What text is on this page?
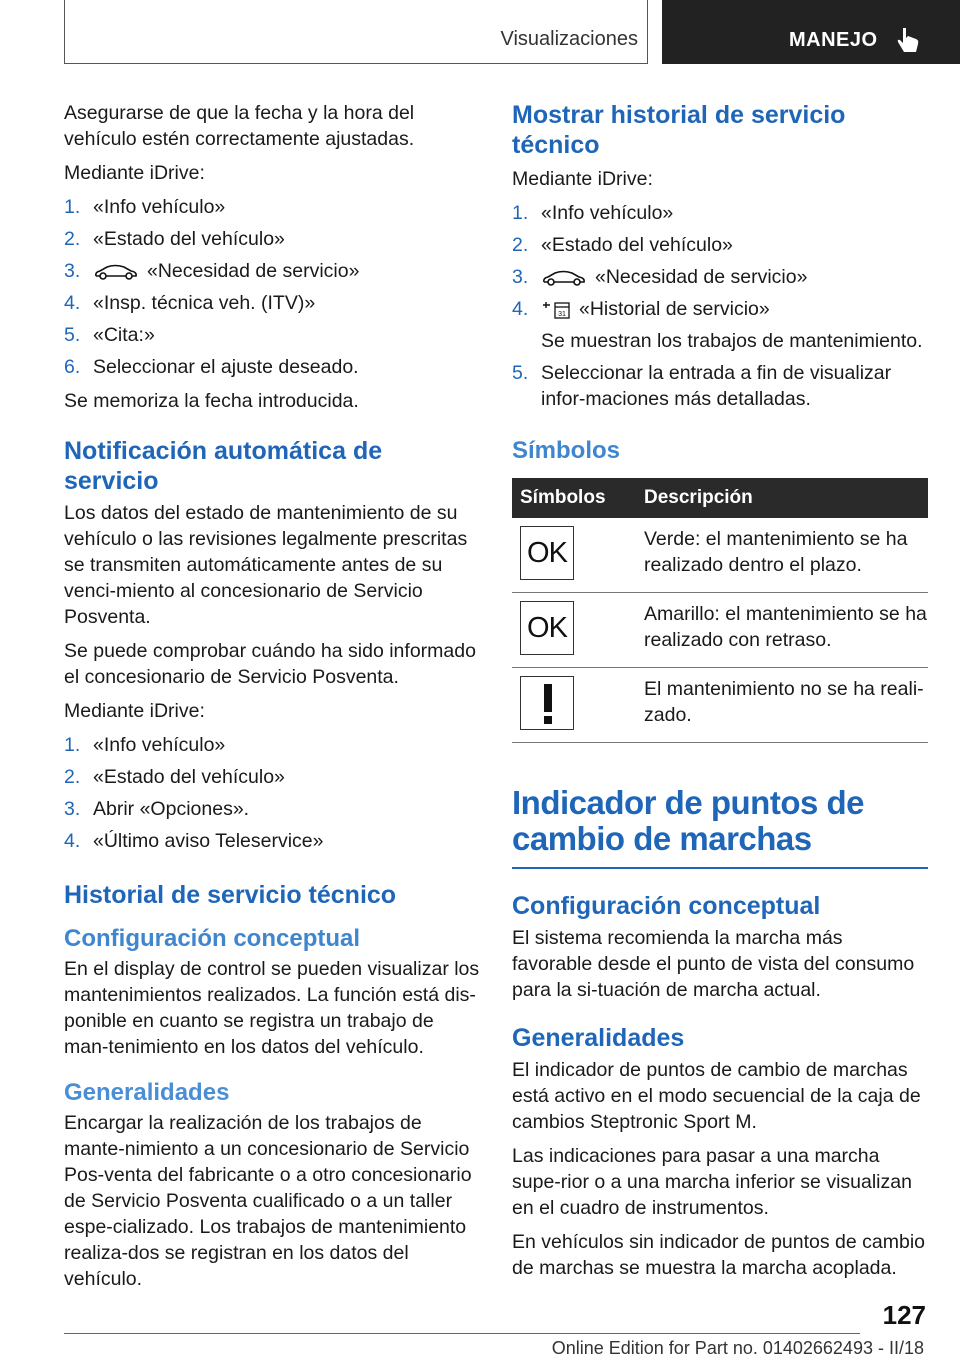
Visualizaciones	MANEJO

Asegurarse de que la fecha y la hora del vehículo estén correctamente ajustadas.

Mediante iDrive:

1. «Info vehículo»
2. «Estado del vehículo»
3.	«Necesidad de servicio»
4. «Insp. técnica veh. (ITV)»
5. «Cita:»
6. Seleccionar el ajuste deseado.

Se memoriza la fecha introducida.

Notificación automática de servicio

Los datos del estado de mantenimiento de su vehículo o las revisiones legalmente prescritas se transmiten automáticamente antes de su venci-miento al concesionario de Servicio Posventa.

Se puede comprobar cuándo ha sido informado el concesionario de Servicio Posventa.

Mediante iDrive:

1. «Info vehículo»
2. «Estado del vehículo»
3. Abrir «Opciones».
4. «Último aviso Teleservice»
Historial de servicio técnico
Configuración conceptual

En el display de control se pueden visualizar los mantenimientos realizados. La función está dis-ponible en cuanto se registra un trabajo de man-tenimiento en los datos del vehículo.

Generalidades

Encargar la realización de los trabajos de mante-nimiento a un concesionario de Servicio Pos-venta del fabricante o a otro concesionario de Servicio Posventa cualificado o a un taller espe-cializado. Los trabajos de mantenimiento realiza-dos se registran en los datos del vehículo.

Mostrar historial de servicio técnico

Mediante iDrive:

1. «Info vehículo»
2. «Estado del vehículo»
3.	«Necesidad de servicio»
4.	31 «Historial de servicio»
Se muestran los trabajos de mantenimiento.
5. Seleccionar la entrada a fin de visualizar infor-maciones más detalladas.
Símbolos
Símbolos	Descripción

OK	Verde: el mantenimiento se ha realizado dentro el plazo.

OK	Amarillo: el mantenimiento se ha realizado con retraso.

	El mantenimiento no se ha reali-zado.
Indicador de puntos de cambio de marchas
Configuración conceptual

El sistema recomienda la marcha más favorable desde el punto de vista del consumo para la si-tuación de marcha actual.

Generalidades

El indicador de puntos de cambio de marchas está activo en el modo secuencial de la caja de cambios Steptronic Sport M.

Las indicaciones para pasar a una marcha supe-rior o a una marcha inferior se visualizan en el cuadro de instrumentos.

En vehículos sin indicador de puntos de cambio de marchas se muestra la marcha acoplada.

127
Online Edition for Part no. 01402662493 - II/18
